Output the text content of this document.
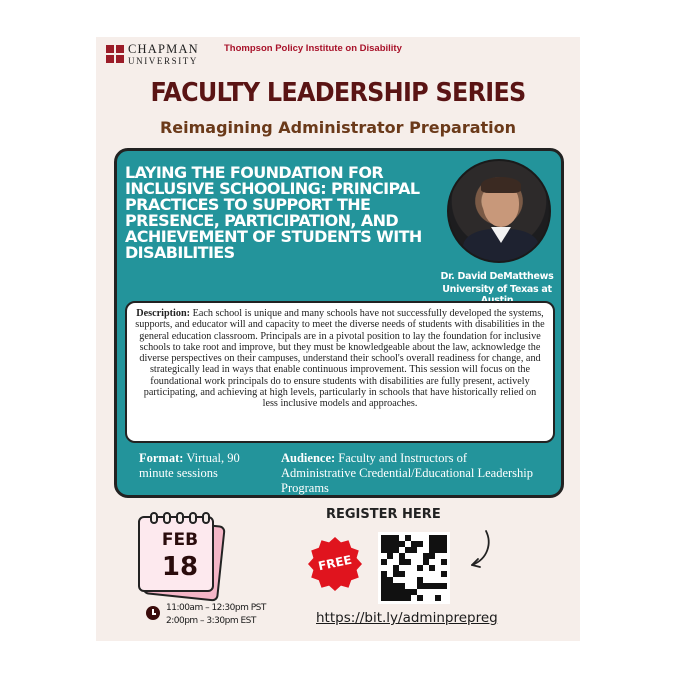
CHAPMAN
UNIVERSITY
Thompson Policy Institute on Disability
FACULTY LEADERSHIP SERIES
Reimagining Administrator Preparation
LAYING THE FOUNDATION FOR INCLUSIVE SCHOOLING: PRINCIPAL PRACTICES TO SUPPORT THE PRESENCE, PARTICIPATION, AND ACHIEVEMENT OF STUDENTS WITH DISABILITIES
Dr. David DeMatthews
University of Texas at
Description: Each school is unique and many schools have not successfully developed the systems, supports, and educator will and capacity to meet the diverse needs of students with disabilities in the general education classroom. Principals are in a pivotal position to lay the foundation for inclusive schools to take root and improve, but they must be knowledgeable about the law, acknowledge the diverse perspectives on their campuses, understand their school's overall readiness for change, and strategically lead in ways that enable continuous improvement. This session will focus on the foundational work principals do to ensure students with disabilities are fully present, actively participating, and achieving at high levels, particularly in schools that have historically relied on less inclusive models and approaches.
Format: Virtual, 90 minute sessions
Audience: Faculty and Instructors of Administrative Credential/Educational Leadership Programs
FEB
18
11:00am – 12:30pm PST
2:00pm – 3:30pm EST
REGISTER HERE
FREE
https://bit.ly/adminprepreg
